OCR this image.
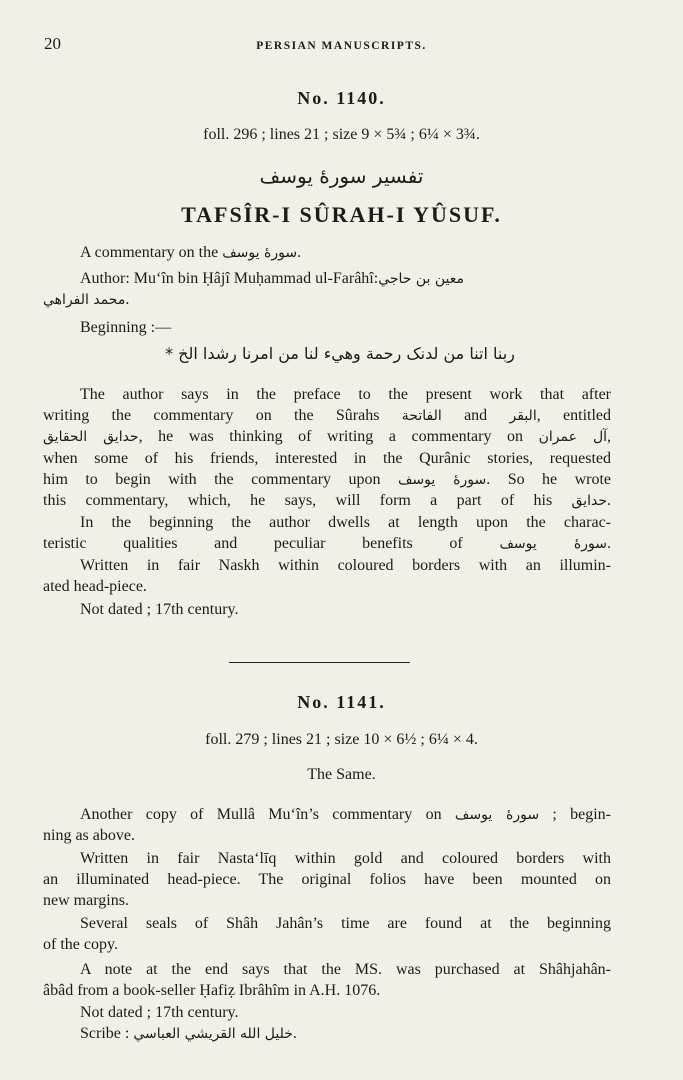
20	PERSIAN MANUSCRIPTS.
No. 1140.
foll. 296 ; lines 21 ; size 9 × 5¾ ; 6¼ × 3¾.
تفسير سورۀ يوسف
TAFSÎR-I SÛRAH-I YÛSUF.
A commentary on the سورۀ يوسف.
Author: Mu‘în bin Ḥâjî Muḥammad ul-Farâhî:معين بن حاجي
محمد الفراهي.
Beginning :—
ربنا اتنا من لدنک رحمة وهيء لنا من امرنا رشدا الخ *
The author says in the preface to the present work that after
writing the commentary on the Sûrahs الفاتحة and البقر, entitled
حدايق الحقايق, he was thinking of writing a commentary on آل عمران,
when some of his friends, interested in the Qurânic stories, requested
him to begin with the commentary upon سورۀ يوسف. So he wrote
this commentary, which, he says, will form a part of his حدايق.
In the beginning the author dwells at length upon the charac-
teristic qualities and peculiar benefits of سورۀ يوسف.
Written in fair Naskh within coloured borders with an illumin-
ated head-piece.
Not dated ; 17th century.
No. 1141.
foll. 279 ; lines 21 ; size 10 × 6½ ; 6¼ × 4.
The Same.
Another copy of Mullâ Mu‘în’s commentary on سورۀ يوسف ; begin-
ning as above.
Written in fair Nasta‘līq within gold and coloured borders with
an illuminated head-piece. The original folios have been mounted on
new margins.
Several seals of Shâh Jahân’s time are found at the beginning
of the copy.
A note at the end says that the MS. was purchased at Shâhjahân-
âbâd from a book-seller Ḥafiẓ Ibrâhîm in A.H. 1076.
Not dated ; 17th century.
Scribe : خليل الله القريشي العباسي.
